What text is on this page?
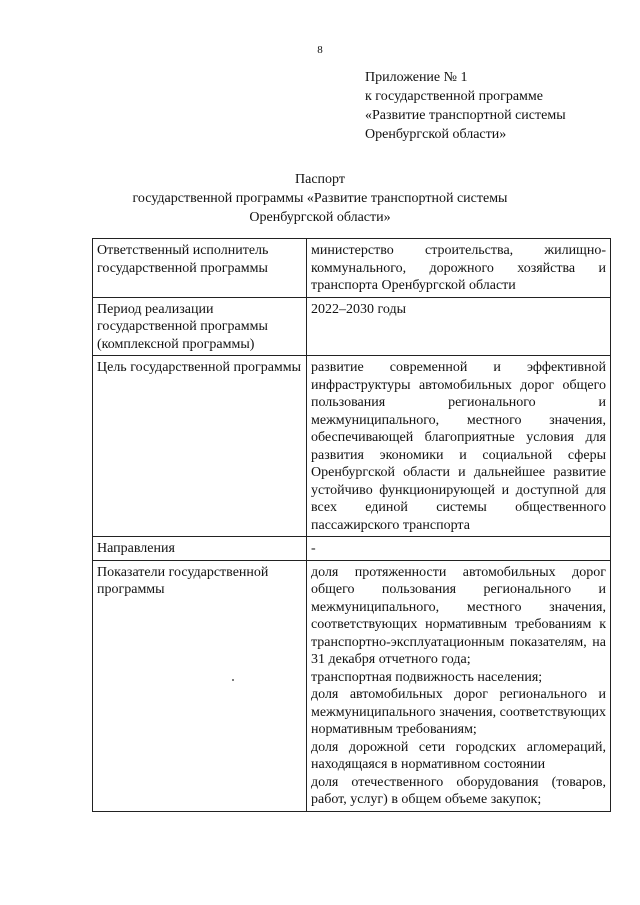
8
Приложение № 1
к государственной программе
«Развитие транспортной системы
Оренбургской области»
Паспорт
государственной программы «Развитие транспортной системы
Оренбургской области»
Ответственный исполнитель государственной программы	министерство строительства, жилищно-коммунального, дорожного хозяйства и транспорта Оренбургской области
Период реализации государственной программы (комплексной программы)	2022–2030 годы
Цель государственной программы	развитие современной и эффективной инфраструктуры автомобильных дорог общего пользования регионального и межмуниципального, местного значения, обеспечивающей благоприятные условия для развития экономики и социальной сферы Оренбургской области и дальнейшее развитие устойчиво функционирующей и доступной для всех единой системы общественного пассажирского транспорта
Направления	-
Показатели государственной программы	доля протяженности автомобильных дорог общего пользования регионального и межмуниципального, местного значения, соответствующих нормативным требованиям к транспортно-эксплуатационным показателям, на 31 декабря отчетного года;
транспортная подвижность населения;
доля автомобильных дорог регионального и межмуниципального значения, соответствующих нормативным требованиям;
доля дорожной сети городских агломераций, находящаяся в нормативном состоянии
доля отечественного оборудования (товаров, работ, услуг) в общем объеме закупок;
